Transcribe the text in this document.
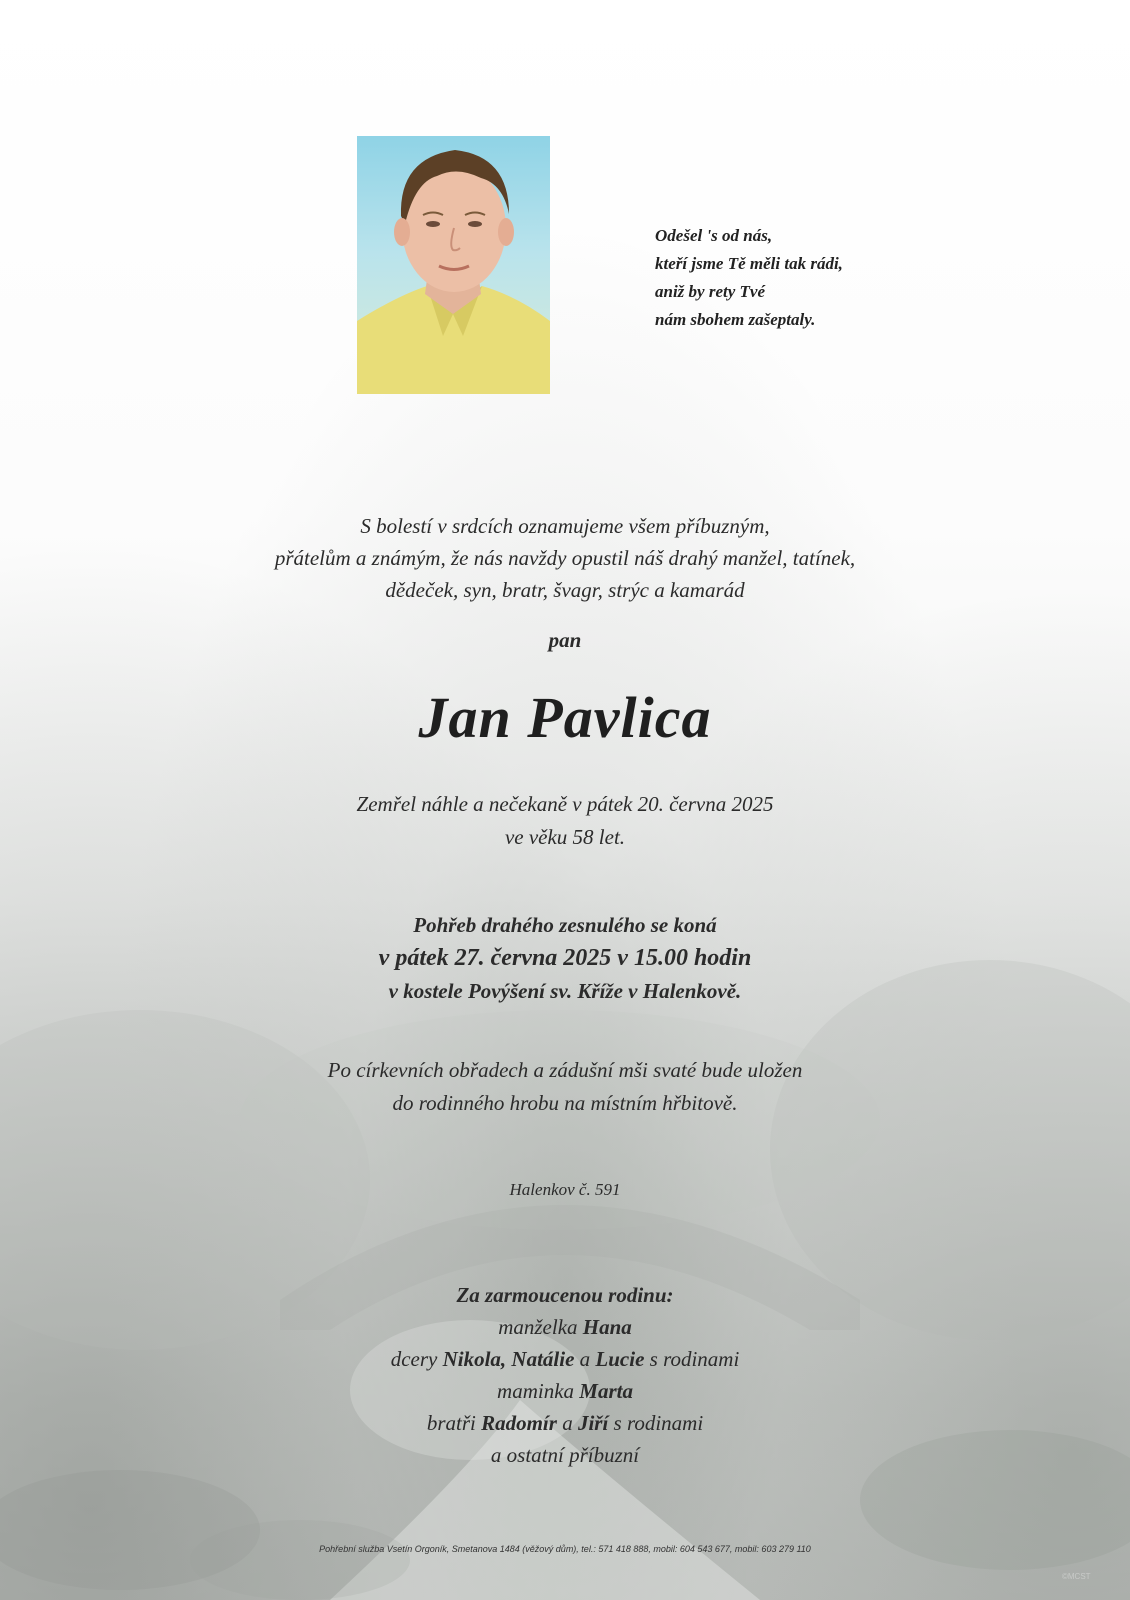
Odešel 's od nás,
kteří jsme Tě měli tak rádi,
aniž by rety Tvé
nám sbohem zašeptaly.
S bolestí v srdcích oznamujeme všem příbuzným,
přátelům a známým, že nás navždy opustil náš drahý manžel, tatínek,
dědeček, syn, bratr, švagr, strýc a kamarád
pan
Jan Pavlica
Zemřel náhle a nečekaně v pátek 20. června 2025
ve věku 58 let.
Pohřeb drahého zesnulého se koná
v pátek 27. června 2025 v 15.00 hodin
v kostele Povýšení sv. Kříže v Halenkově.
Po církevních obřadech a zádušní mši svaté bude uložen
do rodinného hrobu na místním hřbitově.
Halenkov č. 591
Za zarmoucenou rodinu:
manželka Hana
dcery Nikola, Natálie a Lucie s rodinami
maminka Marta
bratři Radomír a Jiří s rodinami
a ostatní příbuzní
Pohřební služba Vsetín Orgoník, Smetanova 1484 (věžový dům), tel.: 571 418 888, mobil: 604 543 677, mobil: 603 279 110
©MCST
